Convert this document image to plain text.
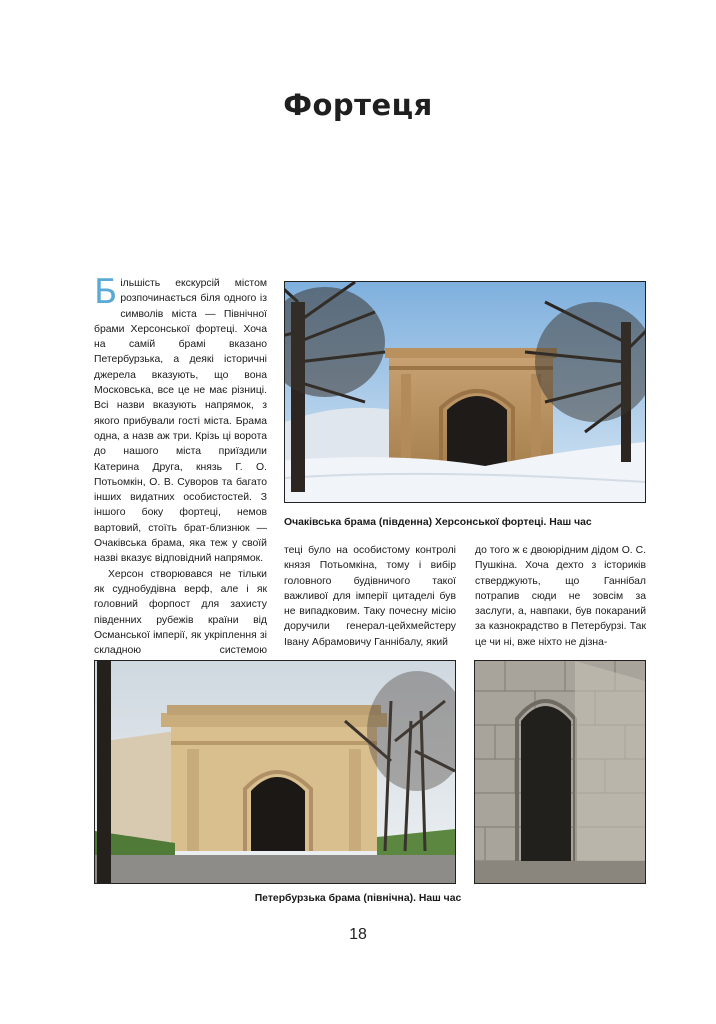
Фортеця
Очаківська брама (південна) Херсонської фортеці. Наш час

Більшість екскурсій містом розпочинається біля одного із символів міста — Північної брами Херсонської фортеці. Хоча на самій брамі вказано Петербурзька, а деякі історичні джерела вказують, що вона Московська, все це не має різниці. Всі назви вказують напрямок, з якого прибували гості міста. Брама одна, а назв аж три. Крізь ці ворота до нашого міста приїздили Катерина Друга, князь Г. О. Потьомкін, О. В. Суворов та багато інших видатних особистостей. З іншого боку фортеці, немов вартовий, стоїть брат-близнюк — Очаківська брама, яка теж у своїй назві вказує відповідний напрямок.

Херсон створювався не тільки як суднобудівна верф, але і як головний форпост для захисту південних рубежів країни від Османської імперії, як укріплення зі складною системою

теці було на особистому контролі князя Потьомкіна, тому і вибір головного будівничого такої важливої для імперії цитаделі був не випадковим. Таку почесну місію доручили генерал-цейхмейстеру Івану Абрамовичу Ганнібалу, який

до того ж є двоюрідним дідом О. С. Пушкіна. Хоча дехто з істориків стверджують, що Ганнібал потрапив сюди не зовсім за заслуги, а, навпаки, був покараний за казнокрадство в Петербурзі. Так це чи ні, вже ніхто не дізна-

Петербурзька брама (північна). Наш час
18
